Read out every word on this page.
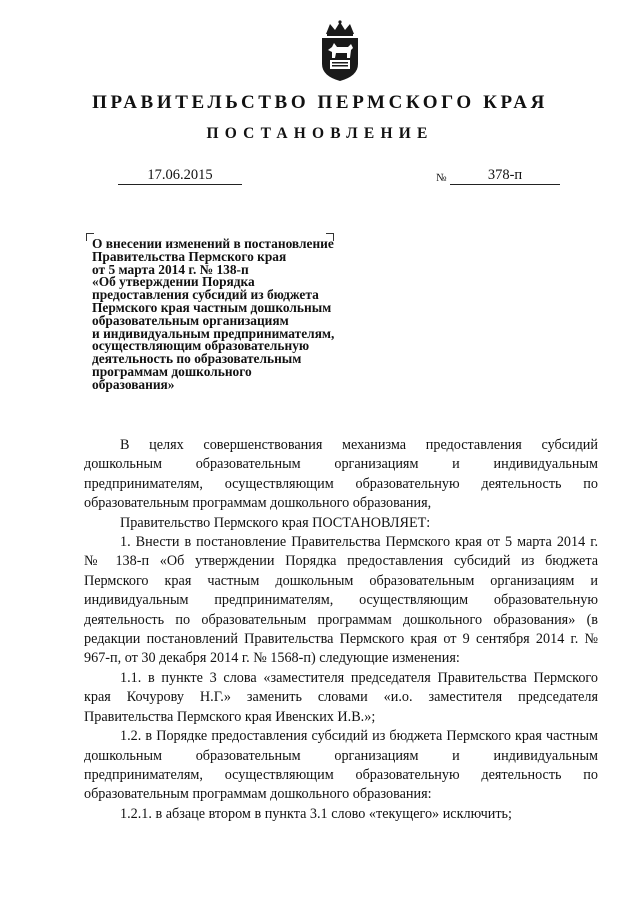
ПРАВИТЕЛЬСТВО ПЕРМСКОГО КРАЯ
ПОСТАНОВЛЕНИЕ
17.06.2015	№	378-п
О внесении изменений в постановление
Правительства Пермского края
от 5 марта 2014 г. № 138-п
«Об утверждении Порядка
предоставления субсидий из бюджета
Пермского края частным дошкольным
образовательным организациям
и индивидуальным предпринимателям,
осуществляющим образовательную
деятельность по образовательным
программам дошкольного
образования»

В целях совершенствования механизма предоставления субсидий дошкольным образовательным организациям и индивидуальным предпринимателям, осуществляющим образовательную деятельность по образовательным программам дошкольного образования,

Правительство Пермского края ПОСТАНОВЛЯЕТ:

1. Внести в постановление Правительства Пермского края от 5 марта 2014 г. № 138-п «Об утверждении Порядка предоставления субсидий из бюджета Пермского края частным дошкольным образовательным организациям и индивидуальным предпринимателям, осуществляющим образовательную деятельность по образовательным программам дошкольного образования» (в редакции постановлений Правительства Пермского края от 9 сентября 2014 г. № 967-п, от 30 декабря 2014 г. № 1568-п) следующие изменения:

1.1. в пункте 3 слова «заместителя председателя Правительства Пермского края Кочурову Н.Г.» заменить словами «и.о. заместителя председателя Правительства Пермского края Ивенских И.В.»;

1.2. в Порядке предоставления субсидий из бюджета Пермского края частным дошкольным образовательным организациям и индивидуальным предпринимателям, осуществляющим образовательную деятельность по образовательным программам дошкольного образования:

1.2.1. в абзаце втором в пункта 3.1 слово «текущего» исключить;
